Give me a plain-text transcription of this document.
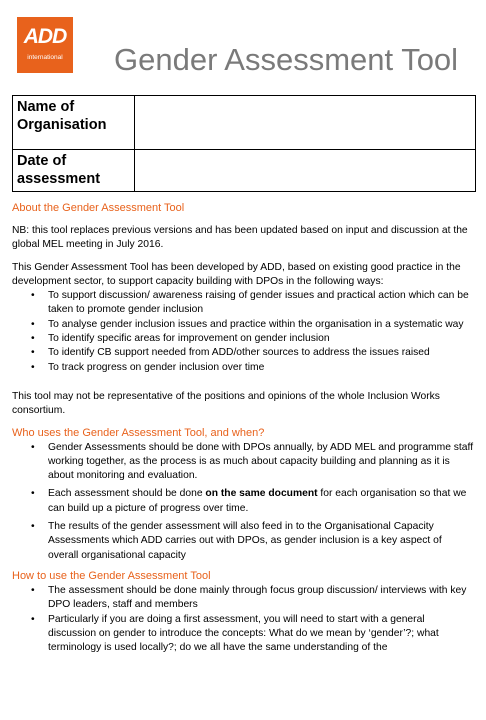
ADD
international	Gender Assessment Tool
Name of Organisation	
Date of assessment	

About the Gender Assessment Tool

NB: this tool replaces previous versions and has been updated based on input and discussion at the global MEL meeting in July 2016.

This Gender Assessment Tool has been developed by ADD, based on existing good practice in the development sector, to support capacity building with DPOs in the following ways:

• To support discussion/ awareness raising of gender issues and practical action which can be taken to promote gender inclusion
• To analyse gender inclusion issues and practice within the organisation in a systematic way
• To identify specific areas for improvement on gender inclusion
• To identify CB support needed from ADD/other sources to address the issues raised
• To track progress on gender inclusion over time

This tool may not be representative of the positions and opinions of the whole Inclusion Works consortium.

Who uses the Gender Assessment Tool, and when?

• Gender Assessments should be done with DPOs annually, by ADD MEL and programme staff working together, as the process is as much about capacity building and planning as it is about monitoring and evaluation.
• Each assessment should be done on the same document for each organisation so that we can build up a picture of progress over time.
• The results of the gender assessment will also feed in to the Organisational Capacity Assessments which ADD carries out with DPOs, as gender inclusion is a key aspect of overall organisational capacity

How to use the Gender Assessment Tool

• The assessment should be done mainly through focus group discussion/ interviews with key DPO leaders, staff and members
• Particularly if you are doing a first assessment, you will need to start with a general discussion on gender to introduce the concepts: What do we mean by ‘gender’?; what terminology is used locally?; do we all have the same understanding of the
